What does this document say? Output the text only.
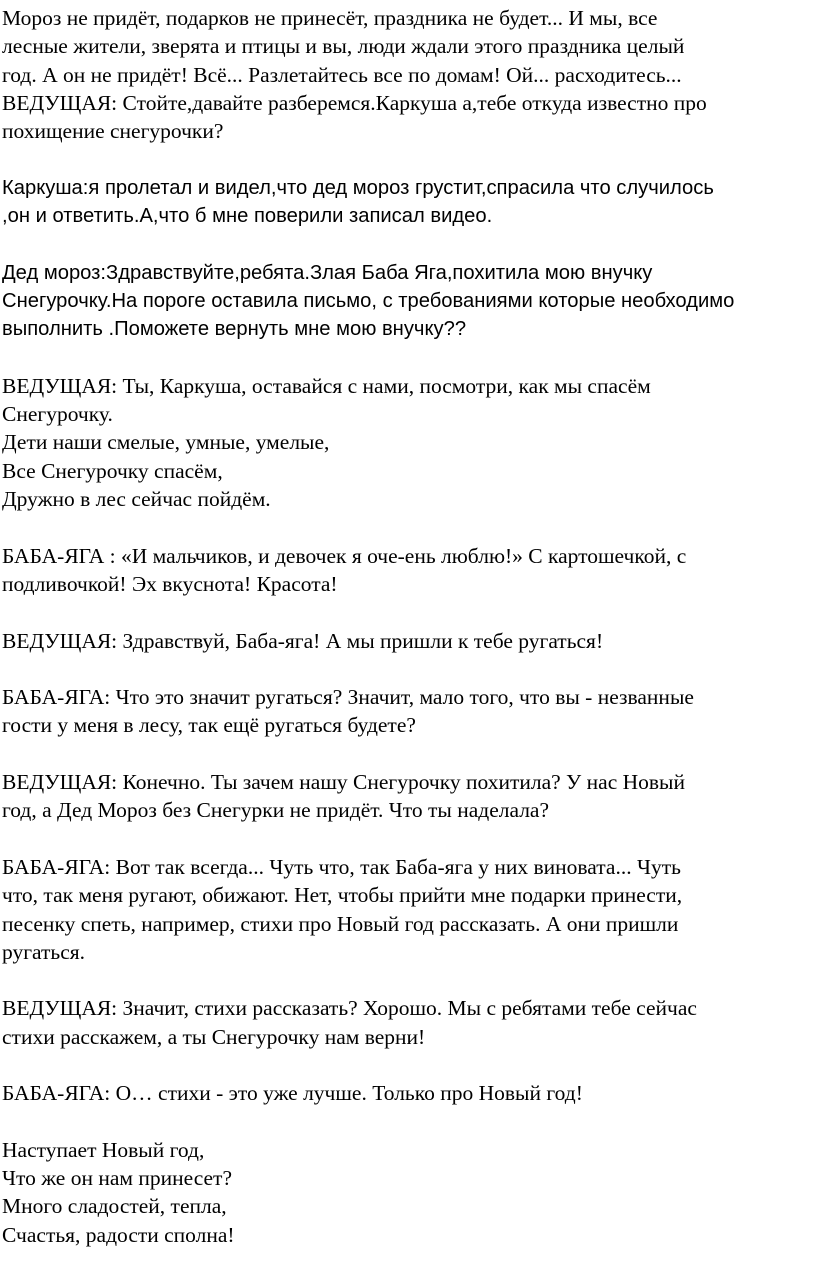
Мороз не придёт, подарков не принесёт, праздника не будет... И мы, все

лесные жители, зверята и птицы и вы, люди ждали этого праздника целый

год. А он не придёт! Всё... Разлетайтесь все по домам! Ой... расходитесь...

ВЕДУЩАЯ: Стойте,давайте разберемся.Каркуша а,тебе откуда известно про

похищение снегурочки?

Каркуша:я пролетал и видел,что дед мороз грустит,спрасила что случилось

,он и ответить.А,что б мне поверили записал видео.

Дед мороз:Здравствуйте,ребята.Злая Баба Яга,похитила мою внучку

Снегурочку.На пороге оставила письмо, с требованиями которые необходимо

выполнить .Поможете вернуть мне мою внучку??

ВЕДУЩАЯ: Ты, Каркуша, оставайся с нами, посмотри, как мы спасём

Снегурочку.

Дети наши смелые, умные, умелые,

Все Снегурочку спасём,

Дружно в лес сейчас пойдём.

БАБА-ЯГА : «И мальчиков, и девочек я оче-ень люблю!» С картошечкой, с

подливочкой! Эх вкуснота! Красота!

ВЕДУЩАЯ: Здравствуй, Баба-яга! А мы пришли к тебе ругаться!

БАБА-ЯГА: Что это значит ругаться? Значит, мало того, что вы - незванные

гости у меня в лесу, так ещё ругаться будете?

ВЕДУЩАЯ: Конечно. Ты зачем нашу Снегурочку похитила? У нас Новый

год, а Дед Мороз без Снегурки не придёт. Что ты наделала?

БАБА-ЯГА: Вот так всегда... Чуть что, так Баба-яга у них виновата... Чуть

что, так меня ругают, обижают. Нет, чтобы прийти мне подарки принести,

песенку спеть, например, стихи про Новый год рассказать. А они пришли

ругаться.

ВЕДУЩАЯ: Значит, стихи рассказать? Хорошо. Мы с ребятами тебе сейчас

стихи расскажем, а ты Снегурочку нам верни!

БАБА-ЯГА: О… стихи - это уже лучше. Только про Новый год!

Наступает Новый год,

Что же он нам принесет?

Много сладостей, тепла,

Счастья, радости сполна!
